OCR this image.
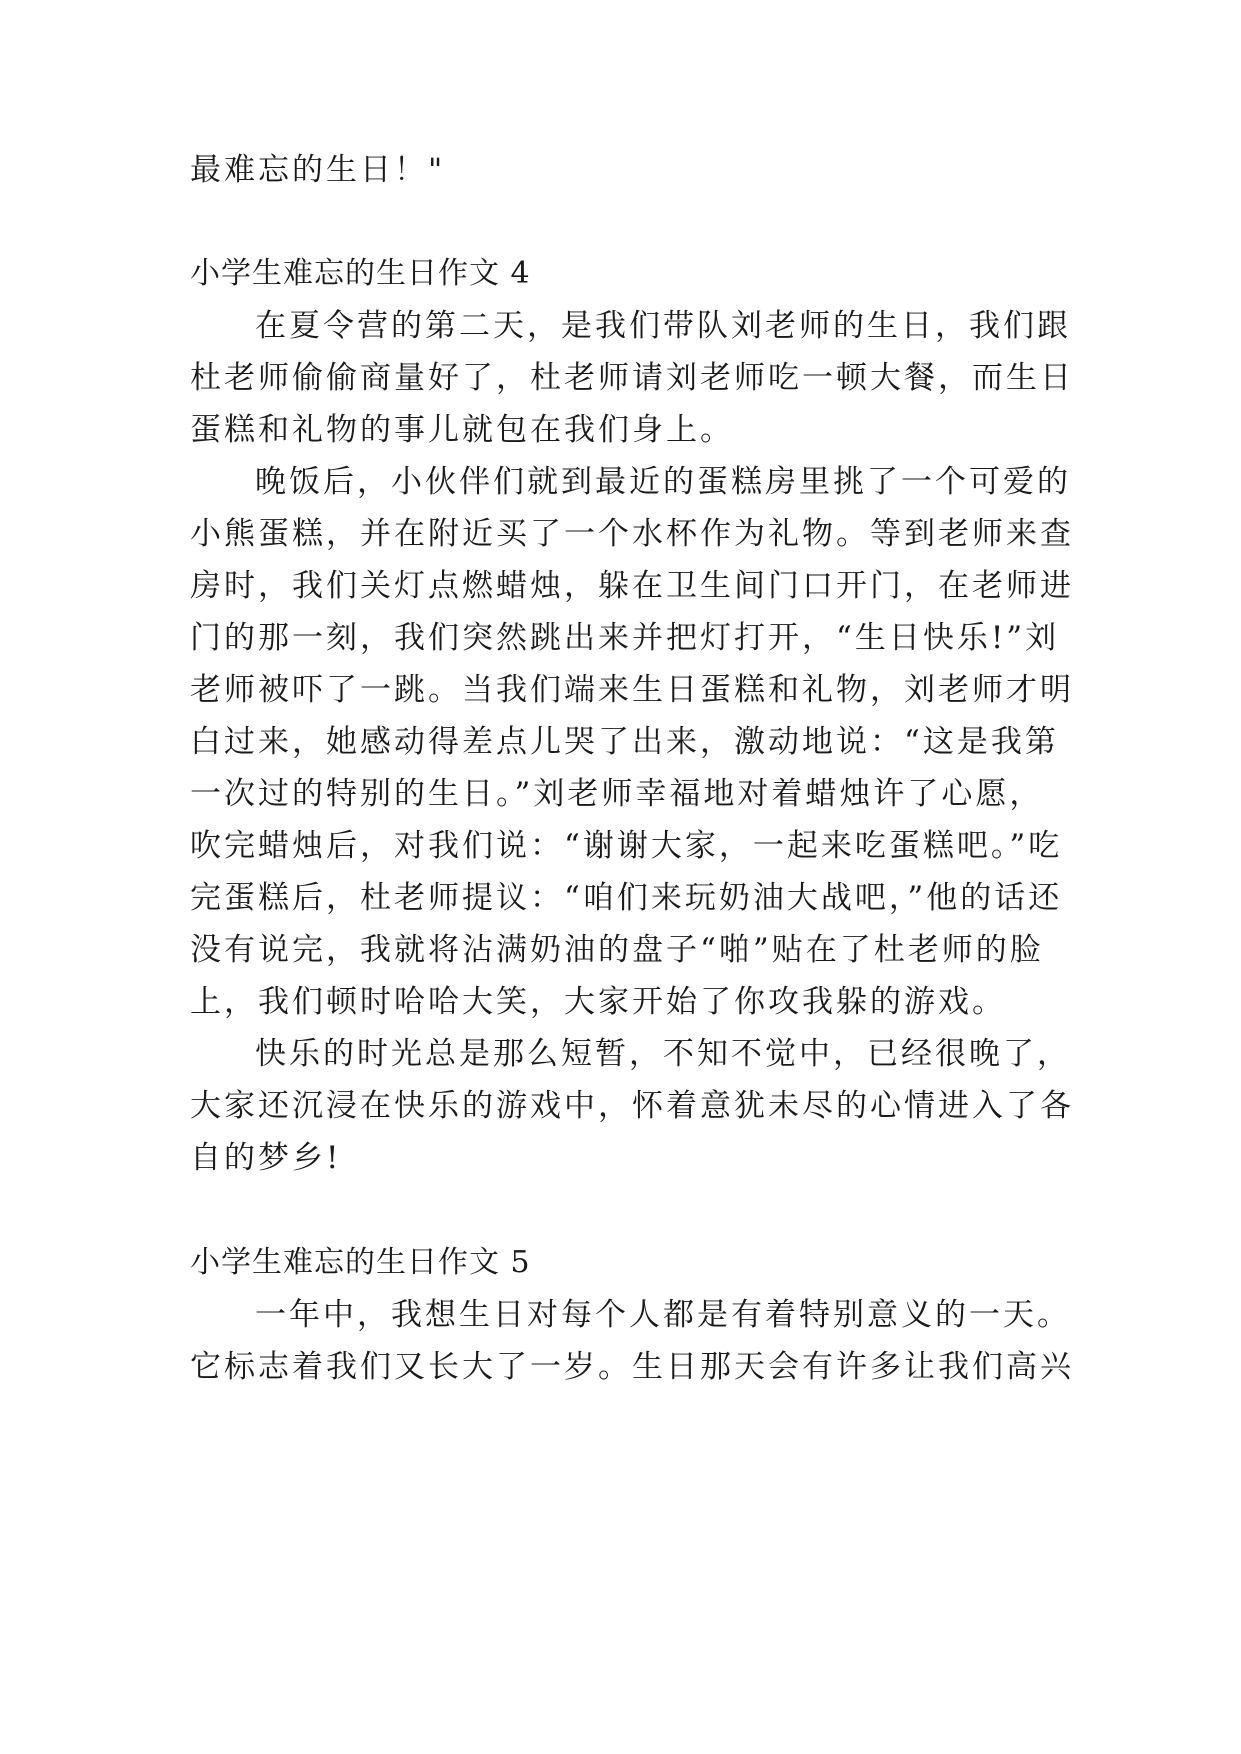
最难忘的生日！"
小学生难忘的生日作文 4
在夏令营的第二天，是我们带队刘老师的生日，我们跟
杜老师偷偷商量好了，杜老师请刘老师吃一顿大餐，而生日
蛋糕和礼物的事儿就包在我们身上。
晚饭后，小伙伴们就到最近的蛋糕房里挑了一个可爱的
小熊蛋糕，并在附近买了一个水杯作为礼物。等到老师来查
房时，我们关灯点燃蜡烛，躲在卫生间门口开门，在老师进
门的那一刻，我们突然跳出来并把灯打开，“生日快乐!”刘
老师被吓了一跳。当我们端来生日蛋糕和礼物，刘老师才明
白过来，她感动得差点儿哭了出来，激动地说：“这是我第
一次过的特别的生日。”刘老师幸福地对着蜡烛许了心愿，
吹完蜡烛后，对我们说：“谢谢大家，一起来吃蛋糕吧。”吃
完蛋糕后，杜老师提议：“咱们来玩奶油大战吧，”他的话还
没有说完，我就将沾满奶油的盘子“啪”贴在了杜老师的脸
上，我们顿时哈哈大笑，大家开始了你攻我躲的游戏。
快乐的时光总是那么短暂，不知不觉中，已经很晚了，
大家还沉浸在快乐的游戏中，怀着意犹未尽的心情进入了各
自的梦乡!
小学生难忘的生日作文 5
一年中，我想生日对每个人都是有着特别意义的一天。
它标志着我们又长大了一岁。生日那天会有许多让我们高兴
